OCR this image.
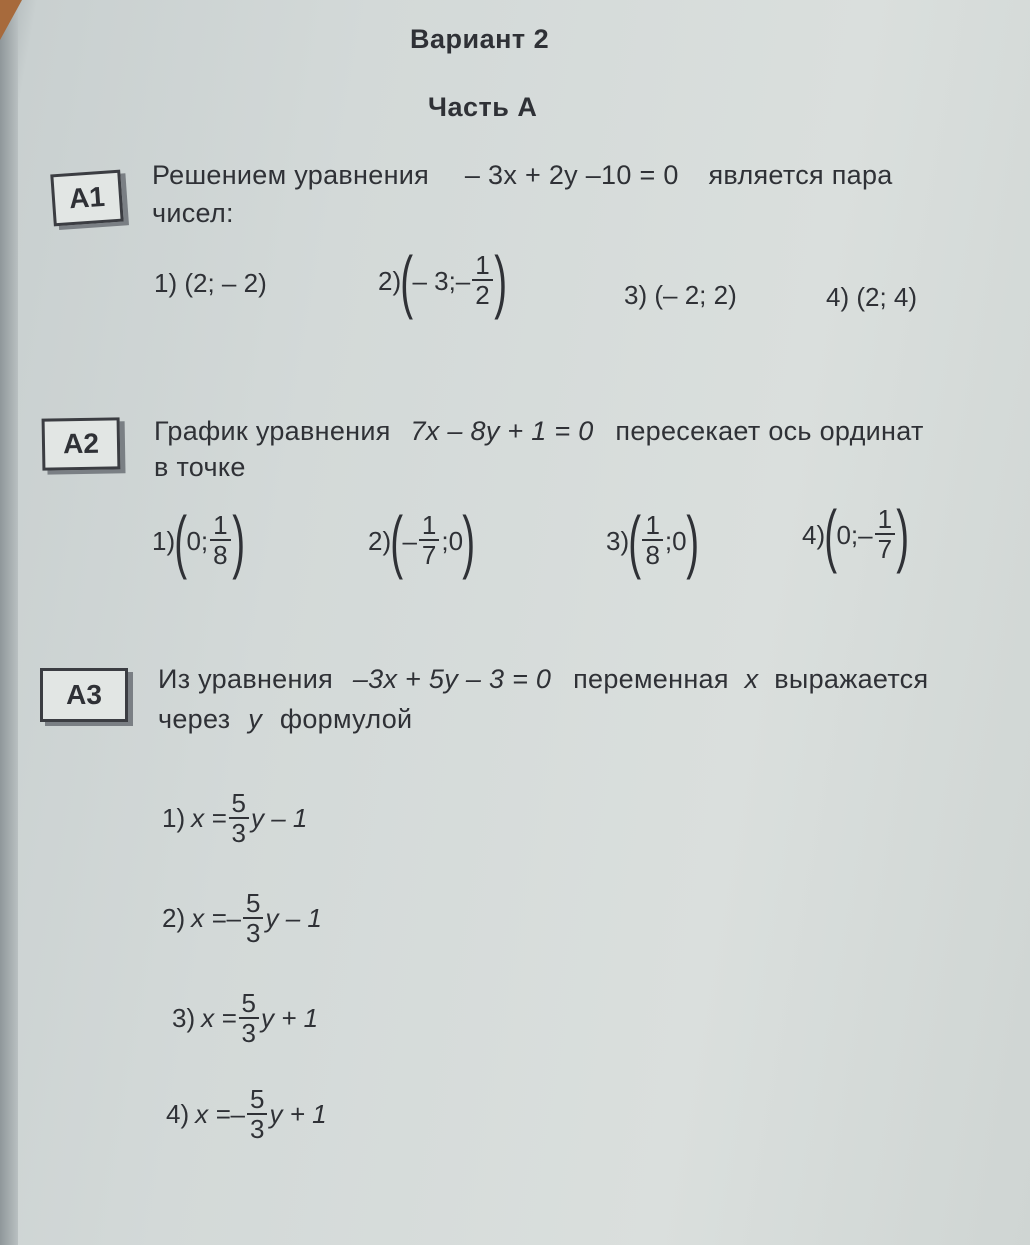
Вариант 2
Часть А
A1
Решением уравнения – 3x + 2y –10 = 0 является пара
чисел:
1) (2; – 2)	2) ( – 3;– $\frac{1}{2}$ )	3) (– 2; 2)	4) (2; 4)
A2	График уравнения 7x – 8y + 1 = 0 пересекает ось ординат
в точке
1) ( 0; $\frac{1}{8}$ )	2) ( – $\frac{1}{7}$ ;0 )	3) ( $\frac{1}{8}$ ;0 )	4) ( 0;– $\frac{1}{7}$ )
A3	Из уравнения –3x + 5y – 3 = 0 переменная x выражается
через y формулой
1) $x = \frac{5}{3}$ y – 1
2) x = – $\frac{5}{3}$ y – 1
3) $x = \frac{5}{3}$ y + 1
4) x = – $\frac{5}{3}$ y + 1
